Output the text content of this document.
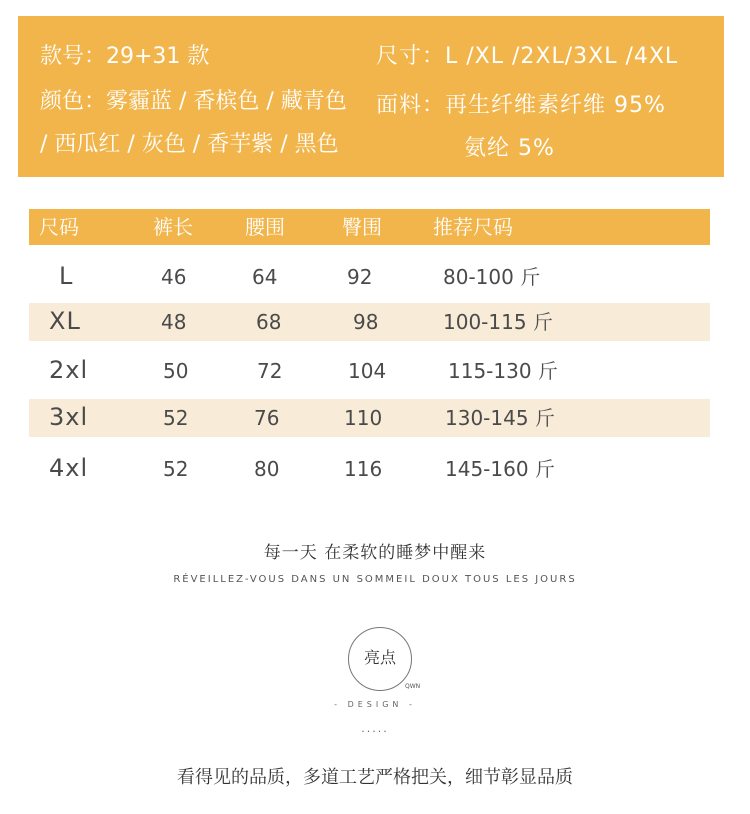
款号：29+31 款	尺寸：L /XL /2XL/3XL /4XL
颜色：雾霾蓝 / 香槟色 / 藏青色 面料：再生纤维素纤维 95%
/ 西瓜红 / 灰色 / 香芋紫 / 黑色	氨纶 5%
尺码	裤长	腰围	臀围	推荐尺码
L	46	64	92	80-100 斤
XL	48	68	98	100-115 斤
2xl	50	72	104	115-130 斤
3xl	52	76	110	130-145 斤
4xl	52	80	116	145-160 斤
每一天 在柔软的睡梦中醒来
RÉVEILLEZ-VOUS DANS UN SOMMEIL DOUX TOUS LES JOURS
亮点
QWN
- DESIGN -
·····
看得见的品质，多道工艺严格把关，细节彰显品质
